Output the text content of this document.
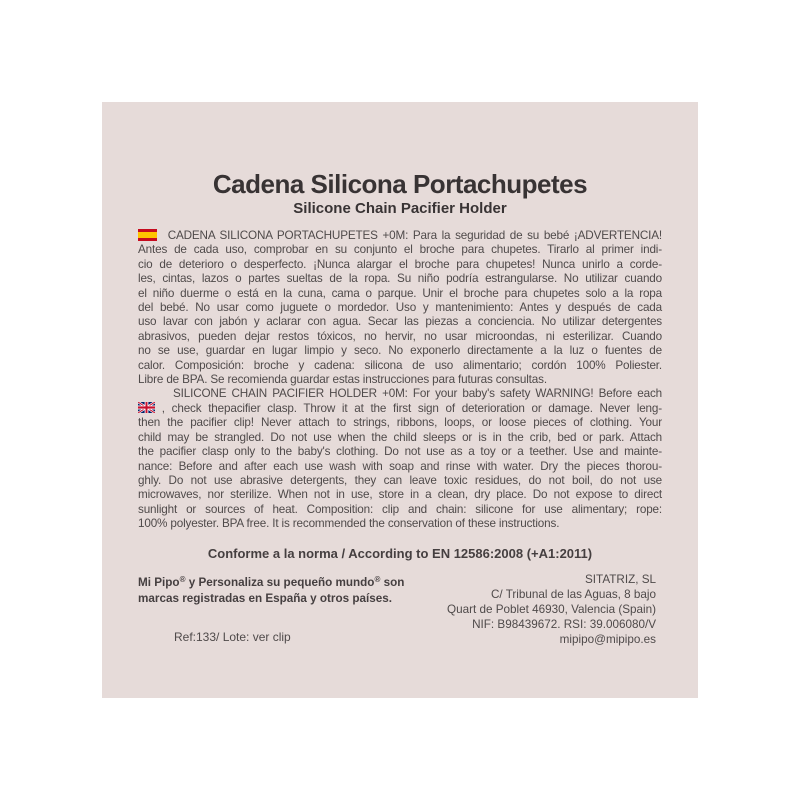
Cadena Silicona Portachupetes
Silicone Chain Pacifier Holder
CADENA SILICONA PORTACHUPETES +0M: Para la seguridad de su bebé ¡ADVERTENCIA!
Antes de cada uso, comprobar en su conjunto el broche para chupetes. Tirarlo al primer indi-
cio de deterioro o desperfecto. ¡Nunca alargar el broche para chupetes! Nunca unirlo a corde-
les, cintas, lazos o partes sueltas de la ropa. Su niño podría estrangularse. No utilizar cuando
el niño duerme o está en la cuna, cama o parque. Unir el broche para chupetes solo a la ropa
del bebé. No usar como juguete o mordedor. Uso y mantenimiento: Antes y después de cada
uso lavar con jabón y aclarar con agua. Secar las piezas a conciencia. No utilizar detergentes
abrasivos, pueden dejar restos tóxicos, no hervir, no usar microondas, ni esterilizar. Cuando
no se use, guardar en lugar limpio y seco. No exponerlo directamente a la luz o fuentes de
calor. Composición: broche y cadena: silicona de uso alimentario; cordón 100% Poliester.
Libre de BPA. Se recomienda guardar estas instrucciones para futuras consultas.
SILICONE CHAIN PACIFIER HOLDER +0M: For your baby's safety WARNING! Before each
, check thepacifier clasp. Throw it at the first sign of deterioration or damage. Never leng-
then the pacifier clip! Never attach to strings, ribbons, loops, or loose pieces of clothing. Your
child may be strangled. Do not use when the child sleeps or is in the crib, bed or park. Attach
the pacifier clasp only to the baby's clothing. Do not use as a toy or a teether. Use and mainte-
nance: Before and after each use wash with soap and rinse with water. Dry the pieces thorou-
ghly. Do not use abrasive detergents, they can leave toxic residues, do not boil, do not use
microwaves, nor sterilize. When not in use, store in a clean, dry place. Do not expose to direct
sunlight or sources of heat. Composition: clip and chain: silicone for use alimentary; rope:
100% polyester. BPA free. It is recommended the conservation of these instructions.
Conforme a la norma / According to EN 12586:2008 (+A1:2011)
Mi Pipo® y Personaliza su pequeño mundo® son
marcas registradas en España y otros países.
Ref:133/ Lote: ver clip
SITATRIZ, SL
C/ Tribunal de las Aguas, 8 bajo
Quart de Poblet 46930, Valencia (Spain)
NIF: B98439672. RSI: 39.006080/V
mipipo@mipipo.es
